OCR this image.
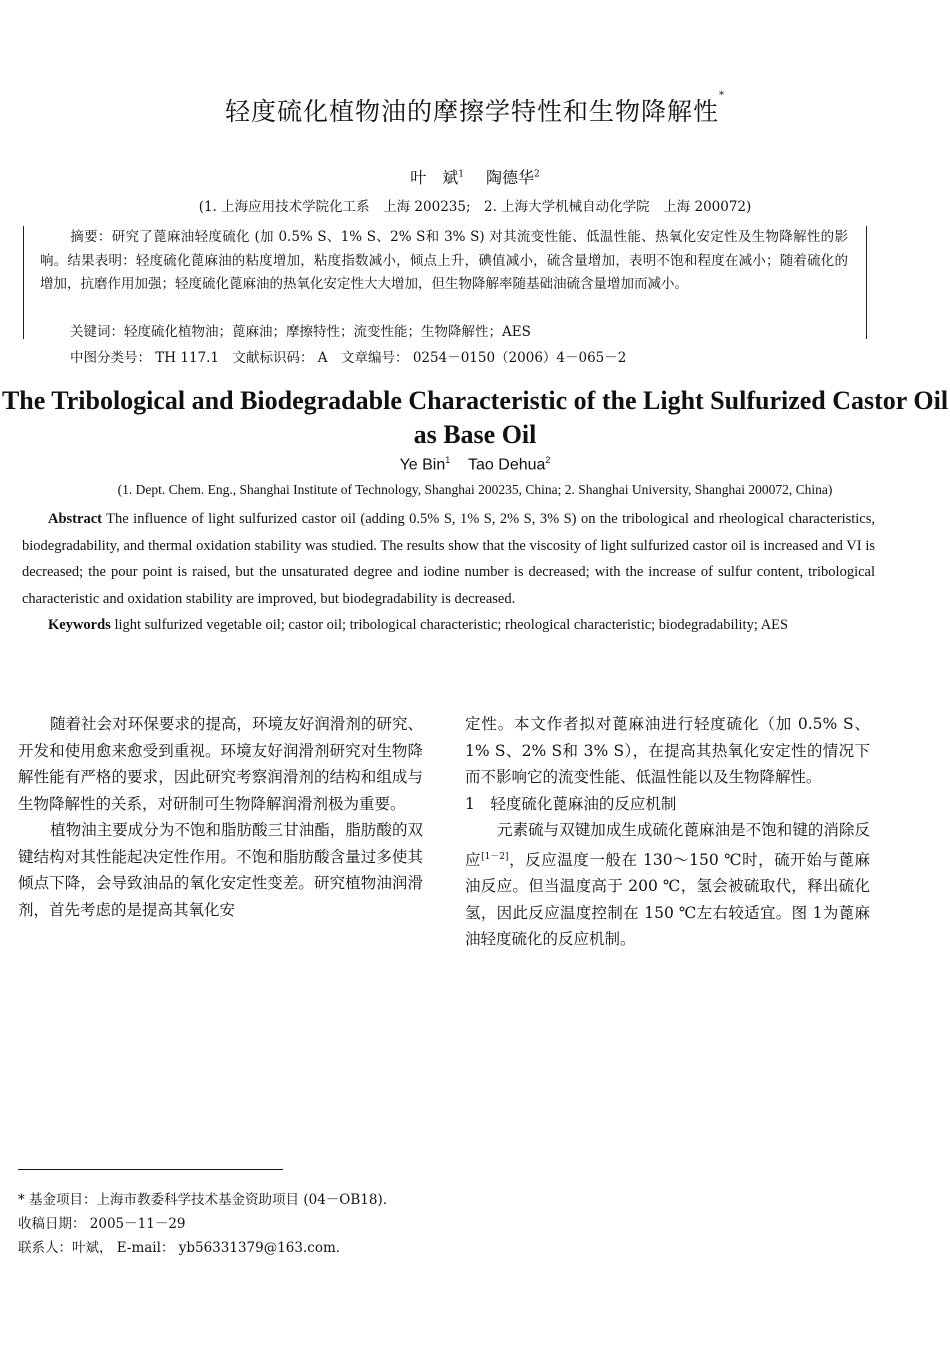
轻度硫化植物油的摩擦学特性和生物降解性*
叶　斌$^1$ 陶德华$^2$
(1. 上海应用技术学院化工系　上海 200235;　2. 上海大学机械自动化学院　上海 200072)
摘要：研究了蓖麻油轻度硫化 (加 0.5% S、1% S、2% S和 3% S) 对其流变性能、低温性能、热氧化安定性及生物降解性的影响。结果表明：轻度硫化蓖麻油的粘度增加，粘度指数减小，倾点上升，碘值减小，硫含量增加，表明不饱和程度在减小；随着硫化的增加，抗磨作用加强；轻度硫化蓖麻油的热氧化安定性大大增加，但生物降解率随基础油硫含量增加而减小。
关键词：轻度硫化植物油；蓖麻油；摩擦特性；流变性能；生物降解性；AES
中图分类号： TH 117.1　文献标识码： A　文章编号： 0254－0150（2006）4－065－2
The Tribological and Biodegradable Characteristic of the Light Sulfurized Castor Oil as Base Oil
Ye Bin$^1$ Tao Dehua$^2$
(1. Dept. Chem. Eng., Shanghai Institute of Technology, Shanghai 200235, China; 2. Shanghai University, Shanghai 200072, China)
Abstract The influence of light sulfurized castor oil (adding 0.5% S, 1% S, 2% S, 3% S) on the tribological and rheological characteristics, biodegradability, and thermal oxidation stability was studied. The results show that the viscosity of light sulfurized castor oil is increased and VI is decreased; the pour point is raised, but the unsaturated degree and iodine number is decreased; with the increase of sulfur content, tribological characteristic and oxidation stability are improved, but biodegradability is decreased.
Keywords light sulfurized vegetable oil; castor oil; tribological characteristic; rheological characteristic; biodegradability; AES

随着社会对环保要求的提高，环境友好润滑剂的研究、开发和使用愈来愈受到重视。环境友好润滑剂研究对生物降解性能有严格的要求，因此研究考察润滑剂的结构和组成与生物降解性的关系，对研制可生物降解润滑剂极为重要。

植物油主要成分为不饱和脂肪酸三甘油酯，脂肪酸的双键结构对其性能起决定性作用。不饱和脂肪酸含量过多使其倾点下降，会导致油品的氧化安定性变差。研究植物油润滑剂，首先考虑的是提高其氧化安

定性。本文作者拟对蓖麻油进行轻度硫化（加 0.5% S、1% S、2% S和 3% S），在提高其热氧化安定性的情况下而不影响它的流变性能、低温性能以及生物降解性。

1　轻度硫化蓖麻油的反应机制

元素硫与双键加成生成硫化蓖麻油是不饱和键的消除反应[1－2]，反应温度一般在 130～150 ℃时，硫开始与蓖麻油反应。但当温度高于 200 ℃，氢会被硫取代，释出硫化氢，因此反应温度控制在 150 ℃左右较适宜。图 1为蓖麻油轻度硫化的反应机制。

* 基金项目：上海市教委科学技术基金资助项目 (04－OB18)．
收稿日期： 2005－11－29
联系人：叶斌， E-mail： yb56331379@163.com．
